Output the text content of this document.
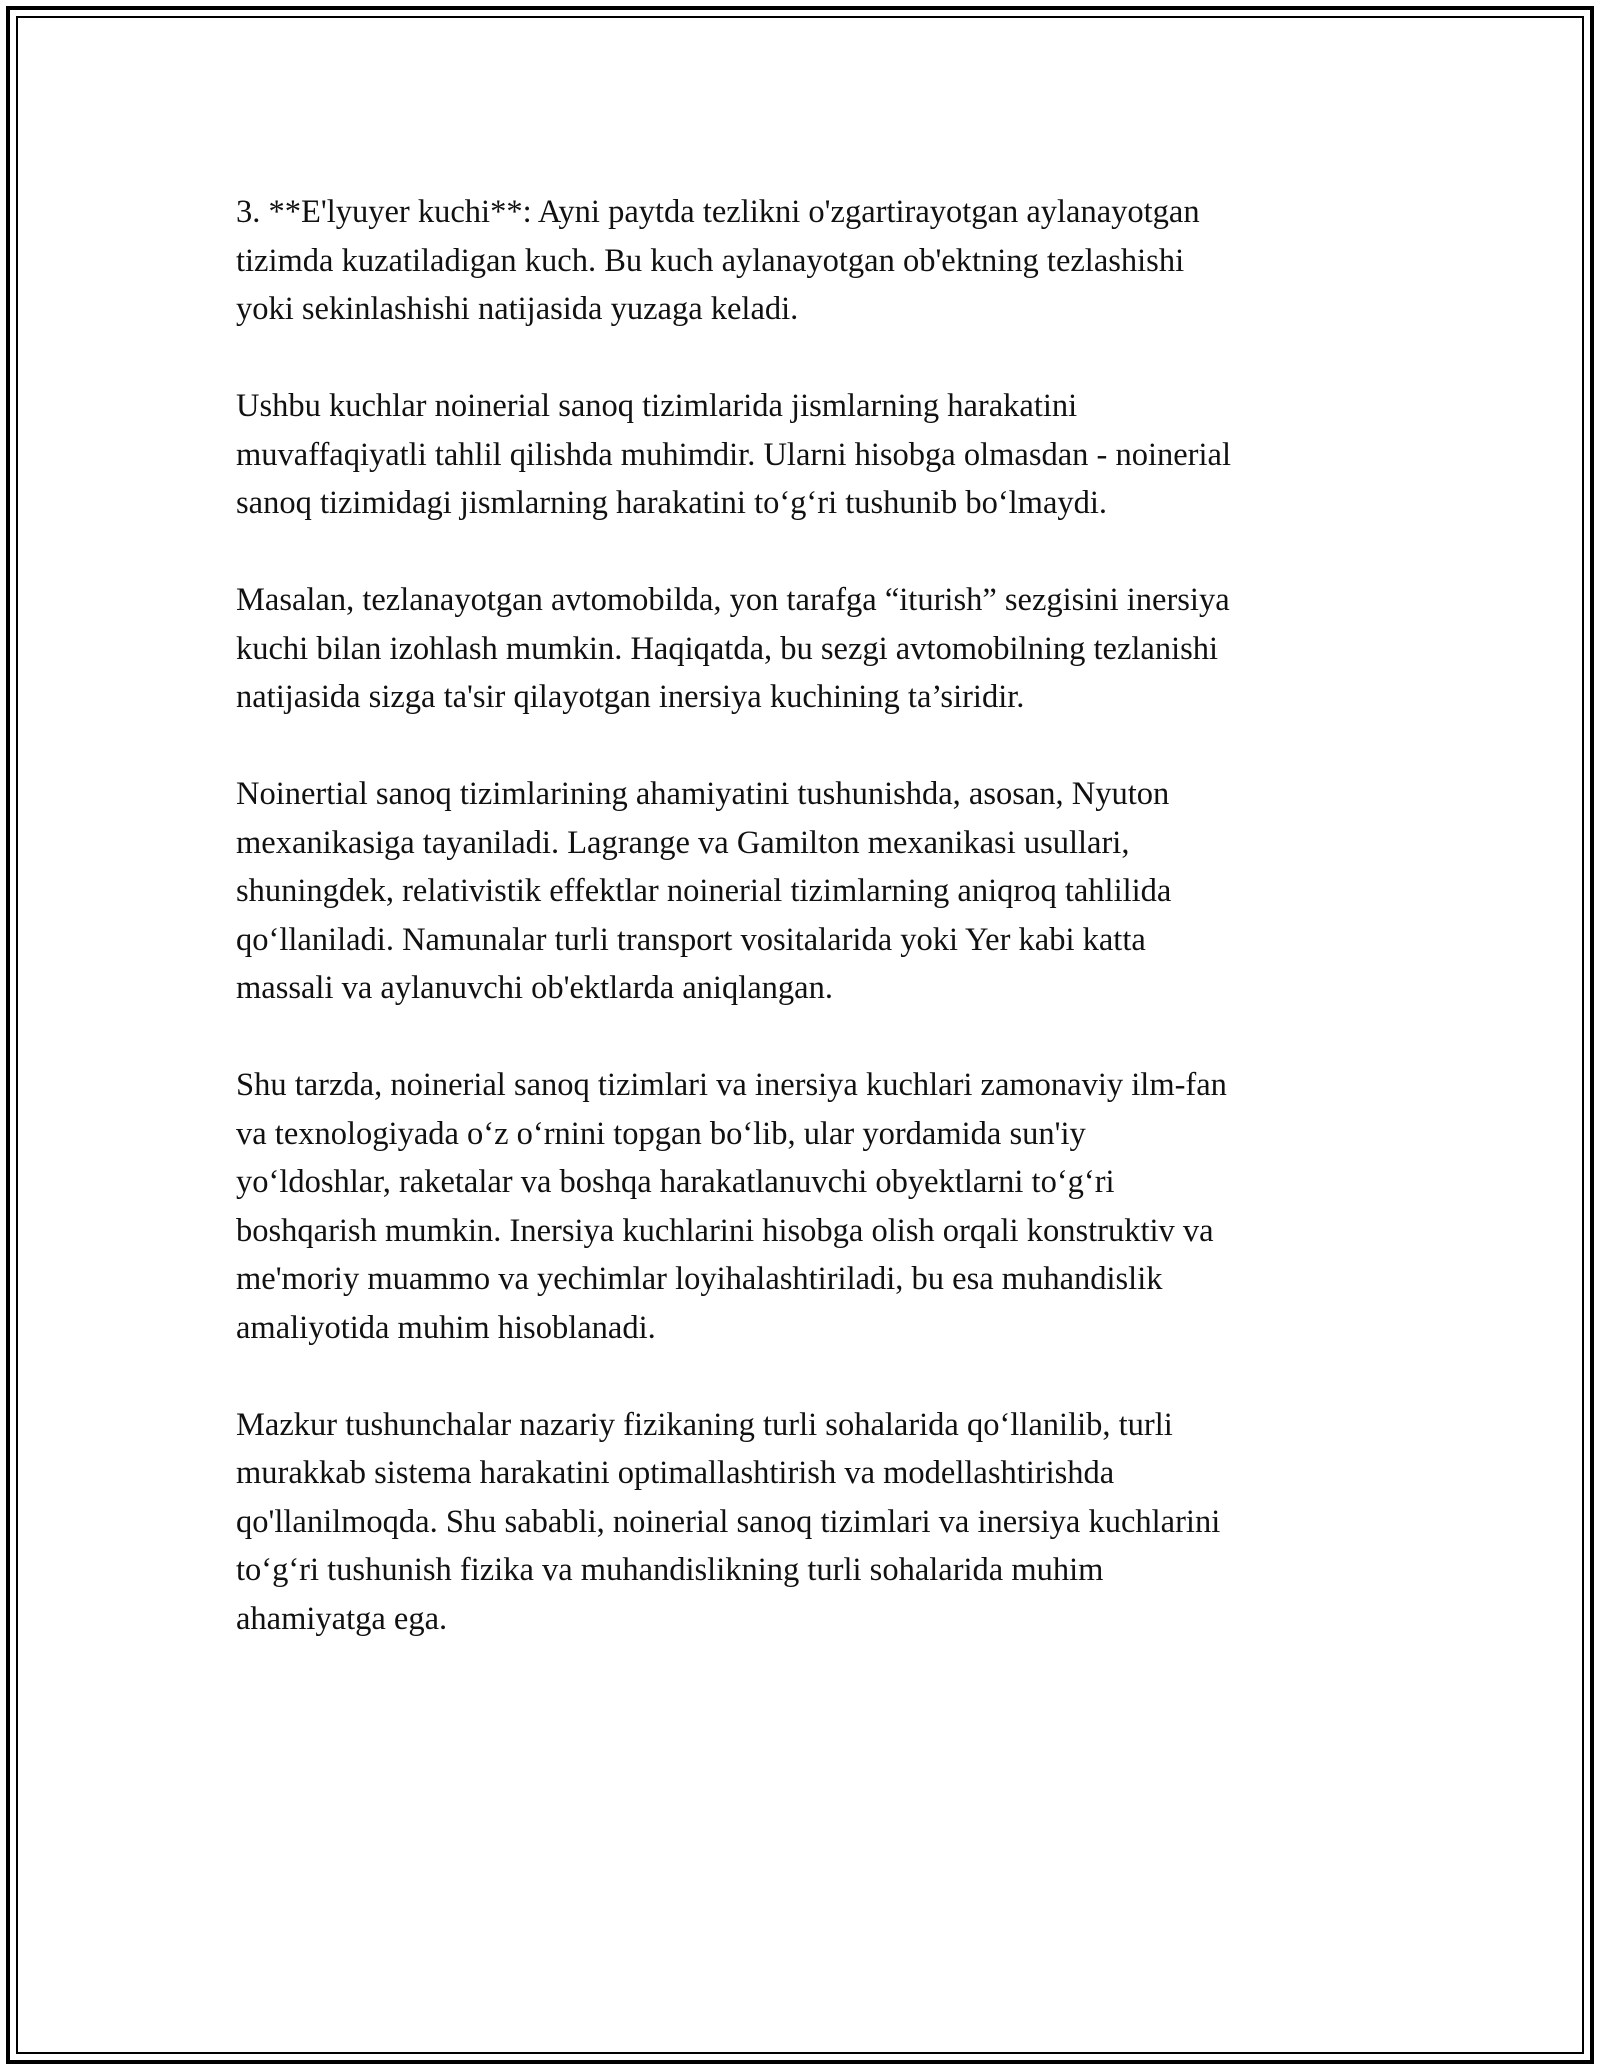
3. **E'lyuyer kuchi**: Ayni paytda tezlikni o'zgartirayotgan aylanayotgan
tizimda kuzatiladigan kuch. Bu kuch aylanayotgan ob'ektning tezlashishi
yoki sekinlashishi natijasida yuzaga keladi.

Ushbu kuchlar noinerial sanoq tizimlarida jismlarning harakatini
muvaffaqiyatli tahlil qilishda muhimdir. Ularni hisobga olmasdan - noinerial
sanoq tizimidagi jismlarning harakatini to‘g‘ri tushunib bo‘lmaydi.

Masalan, tezlanayotgan avtomobilda, yon tarafga “iturish” sezgisini inersiya
kuchi bilan izohlash mumkin. Haqiqatda, bu sezgi avtomobilning tezlanishi
natijasida sizga ta'sir qilayotgan inersiya kuchining ta’siridir.

Noinertial sanoq tizimlarining ahamiyatini tushunishda, asosan, Nyuton
mexanikasiga tayaniladi. Lagrange va Gamilton mexanikasi usullari,
shuningdek, relativistik effektlar noinerial tizimlarning aniqroq tahlilida
qo‘llaniladi. Namunalar turli transport vositalarida yoki Yer kabi katta
massali va aylanuvchi ob'ektlarda aniqlangan.

Shu tarzda, noinerial sanoq tizimlari va inersiya kuchlari zamonaviy ilm-fan
va texnologiyada o‘z o‘rnini topgan bo‘lib, ular yordamida sun'iy
yo‘ldoshlar, raketalar va boshqa harakatlanuvchi obyektlarni to‘g‘ri
boshqarish mumkin. Inersiya kuchlarini hisobga olish orqali konstruktiv va
me'moriy muammo va yechimlar loyihalashtiriladi, bu esa muhandislik
amaliyotida muhim hisoblanadi.

Mazkur tushunchalar nazariy fizikaning turli sohalarida qo‘llanilib, turli
murakkab sistema harakatini optimallashtirish va modellashtirishda
qo'llanilmoqda. Shu sababli, noinerial sanoq tizimlari va inersiya kuchlarini
to‘g‘ri tushunish fizika va muhandislikning turli sohalarida muhim
ahamiyatga ega.
